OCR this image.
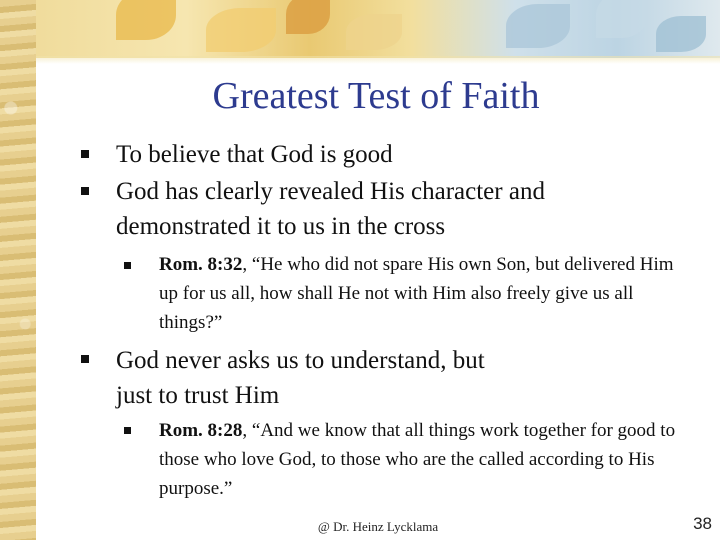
Greatest Test of Faith
To believe that God is good
God has clearly revealed His character and demonstrated it to us in the cross
Rom. 8:32, “He who did not spare His own Son, but delivered Him up for us all, how shall He not with Him also freely give us all things?”
God never asks us to understand, but just to trust Him
Rom. 8:28, “And we know that all things work together for good to those who love God, to those who are the called according to His purpose.”
@ Dr. Heinz Lycklama	38
